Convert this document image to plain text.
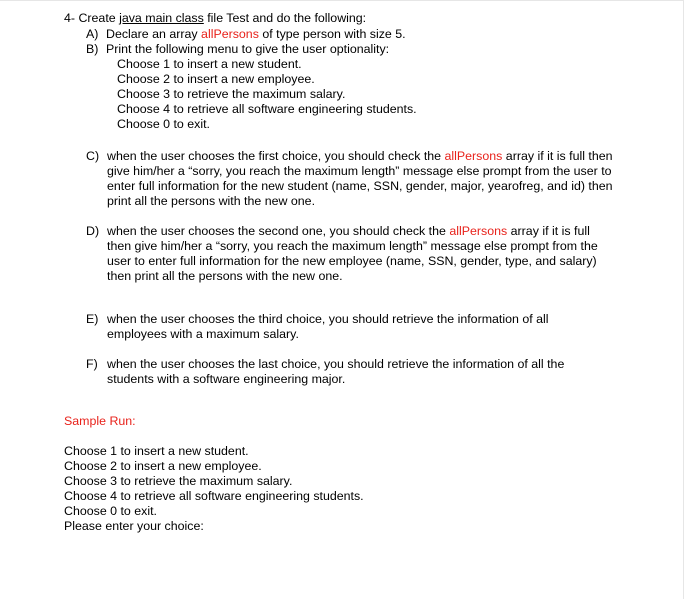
4- Create java main class file Test and do the following:
A) Declare an array allPersons of type person with size 5.
B) Print the following menu to give the user optionality:
Choose 1 to insert a new student.
Choose 2 to insert a new employee.
Choose 3 to retrieve the maximum salary.
Choose 4 to retrieve all software engineering students.
Choose 0 to exit.
C) when the user chooses the first choice, you should check the allPersons array if it is full then give him/her a “sorry, you reach the maximum length” message else prompt from the user to enter full information for the new student (name, SSN, gender, major, yearofreg, and id) then print all the persons with the new one.
D) when the user chooses the second one, you should check the allPersons array if it is full then give him/her a “sorry, you reach the maximum length” message else prompt from the user to enter full information for the new employee (name, SSN, gender, type, and salary) then print all the persons with the new one.
E) when the user chooses the third choice, you should retrieve the information of all employees with a maximum salary.
F) when the user chooses the last choice, you should retrieve the information of all the students with a software engineering major.
Sample Run:
Choose 1 to insert a new student.
Choose 2 to insert a new employee.
Choose 3 to retrieve the maximum salary.
Choose 4 to retrieve all software engineering students.
Choose 0 to exit.
Please enter your choice:
